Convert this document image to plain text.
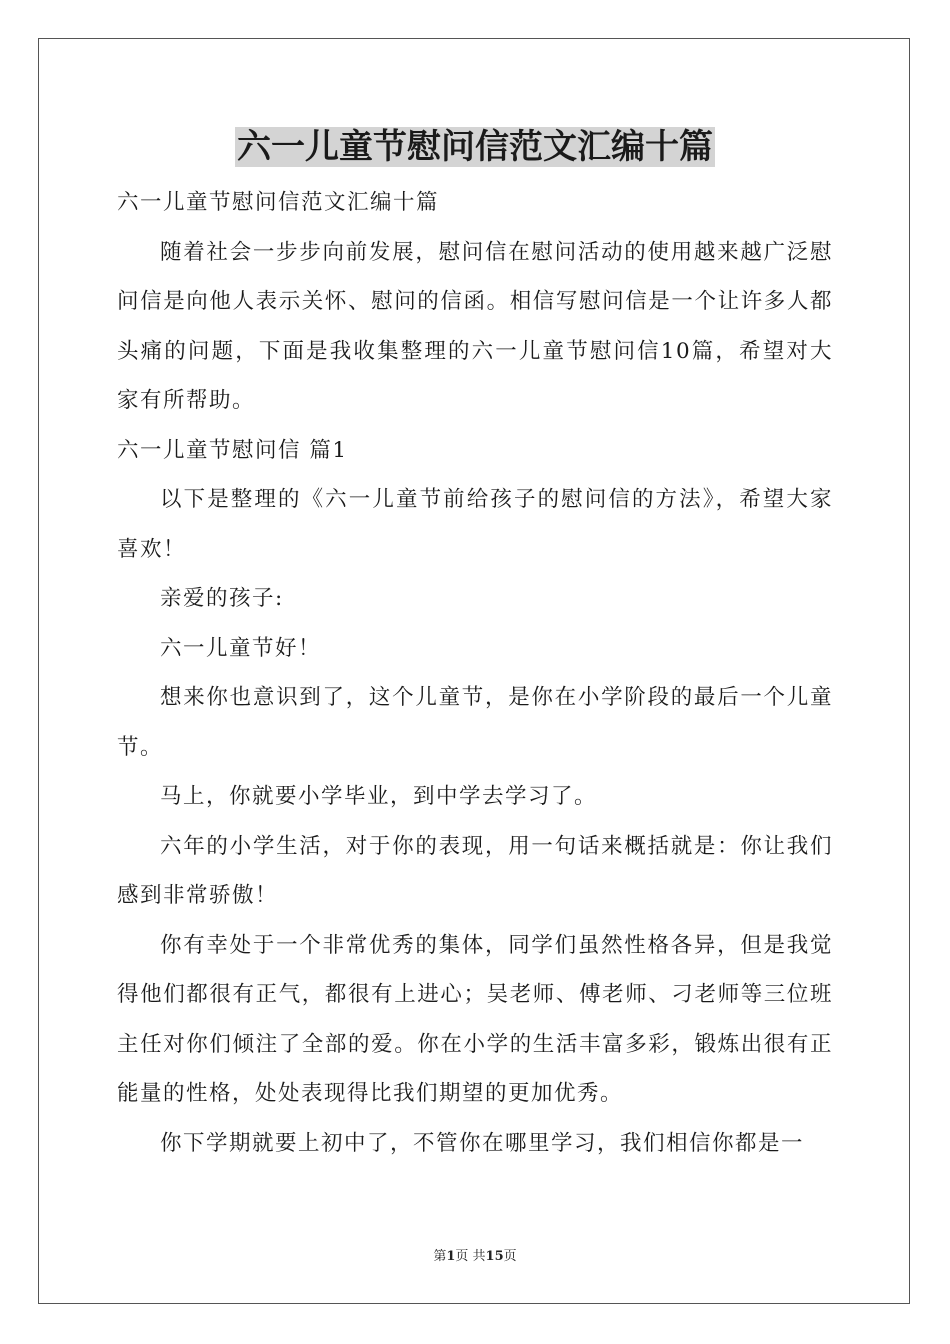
六一儿童节慰问信范文汇编十篇

六一儿童节慰问信范文汇编十篇

随着社会一步步向前发展，慰问信在慰问活动的使用越来越广泛慰问信是向他人表示关怀、慰问的信函。相信写慰问信是一个让许多人都头痛的问题，下面是我收集整理的六一儿童节慰问信10篇，希望对大家有所帮助。

六一儿童节慰问信 篇1

以下是整理的《六一儿童节前给孩子的慰问信的方法》，希望大家喜欢！

亲爱的孩子:

六一儿童节好！

想来你也意识到了，这个儿童节，是你在小学阶段的最后一个儿童节。

马上，你就要小学毕业，到中学去学习了。

六年的小学生活，对于你的表现，用一句话来概括就是：你让我们感到非常骄傲！

你有幸处于一个非常优秀的集体，同学们虽然性格各异，但是我觉得他们都很有正气，都很有上进心；吴老师、傅老师、刁老师等三位班主任对你们倾注了全部的爱。你在小学的生活丰富多彩，锻炼出很有正能量的性格，处处表现得比我们期望的更加优秀。

你下学期就要上初中了，不管你在哪里学习，我们相信你都是一

第1页 共15页
